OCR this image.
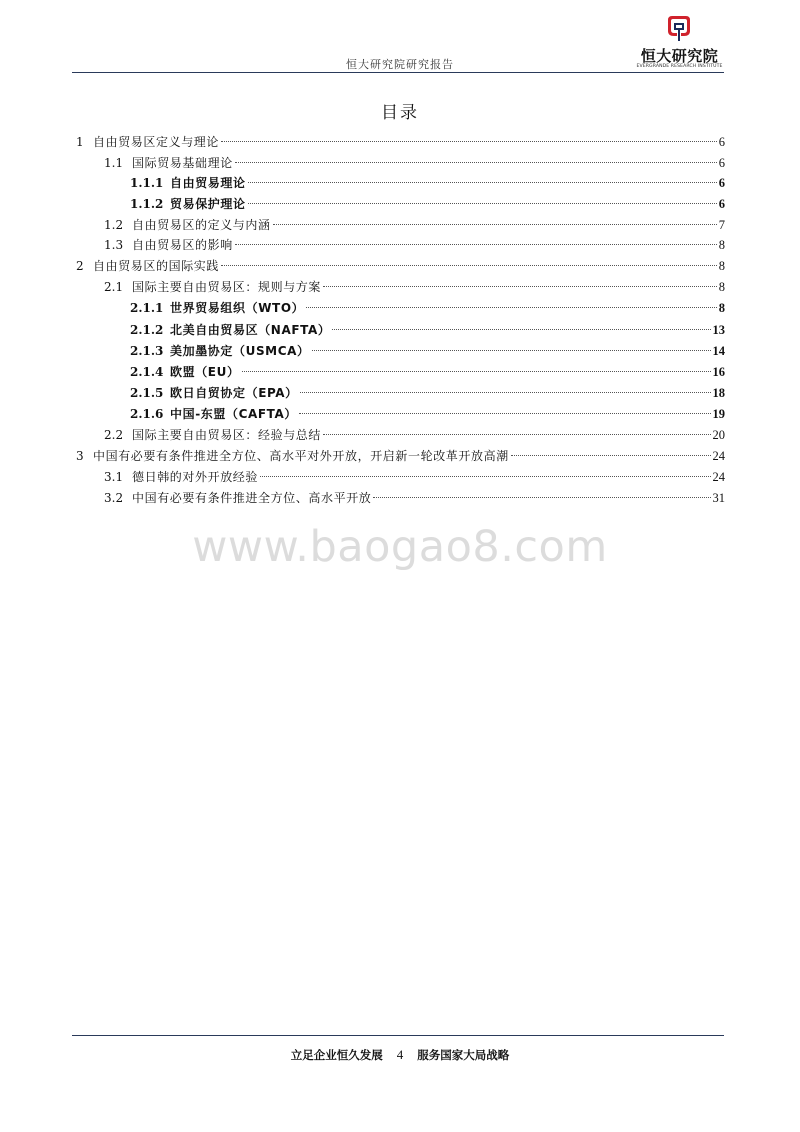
恒大研究院研究报告	恒大研究院
EVERGRANDE RESEARCH INSTITUTE
目录
1 自由贸易区定义与理论	6
1.1 国际贸易基础理论	6
1.1.1 自由贸易理论	6
1.1.2 贸易保护理论	6
1.2 自由贸易区的定义与内涵	7
1.3 自由贸易区的影响	8
2 自由贸易区的国际实践	8
2.1 国际主要自由贸易区：规则与方案	8
2.1.1 世界贸易组织（WTO）	8
2.1.2 北美自由贸易区（NAFTA）	13
2.1.3 美加墨协定（USMCA）	14
2.1.4 欧盟（EU）	16
2.1.5 欧日自贸协定（EPA）	18
2.1.6 中国-东盟（CAFTA）	19
2.2 国际主要自由贸易区：经验与总结	20
3 中国有必要有条件推进全方位、高水平对外开放，开启新一轮改革开放高潮	24
3.1 德日韩的对外开放经验	24
3.2 中国有必要有条件推进全方位、高水平开放	31
www.baogao8.com
立足企业恒久发展 4 服务国家大局战略
